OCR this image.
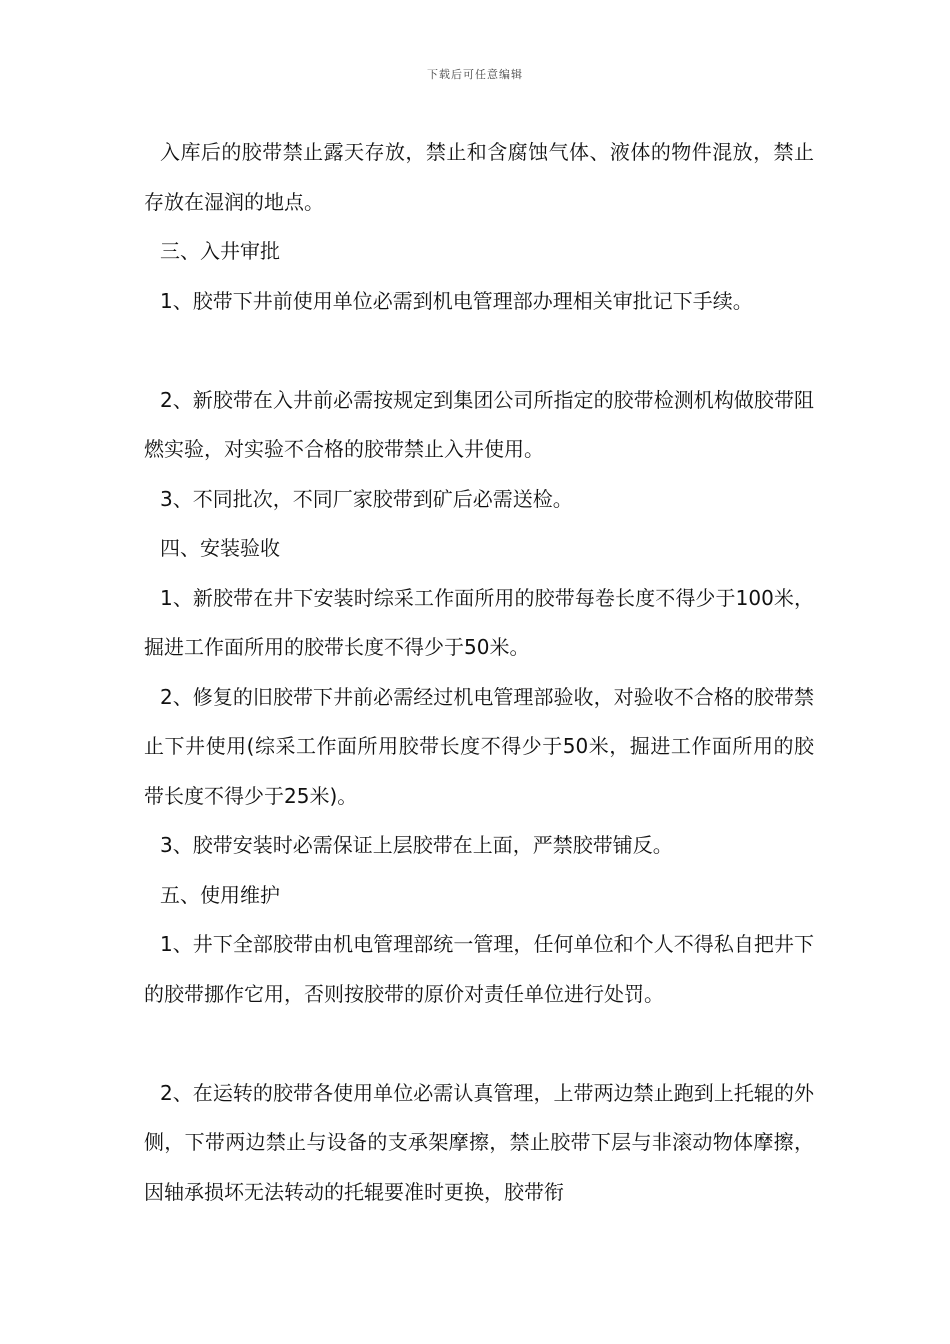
下载后可任意编辑

入库后的胶带禁止露天存放，禁止和含腐蚀气体、液体的物件混放，禁止存放在湿润的地点。

三、入井审批

1、胶带下井前使用单位必需到机电管理部办理相关审批记下手续。

2、新胶带在入井前必需按规定到集团公司所指定的胶带检测机构做胶带阻燃实验，对实验不合格的胶带禁止入井使用。

3、不同批次，不同厂家胶带到矿后必需送检。

四、安装验收

1、新胶带在井下安装时综采工作面所用的胶带每卷长度不得少于100米，掘进工作面所用的胶带长度不得少于50米。

2、修复的旧胶带下井前必需经过机电管理部验收，对验收不合格的胶带禁止下井使用(综采工作面所用胶带长度不得少于50米，掘进工作面所用的胶带长度不得少于25米)。

3、胶带安装时必需保证上层胶带在上面，严禁胶带铺反。

五、使用维护

1、井下全部胶带由机电管理部统一管理，任何单位和个人不得私自把井下的胶带挪作它用，否则按胶带的原价对责任单位进行处罚。

2、在运转的胶带各使用单位必需认真管理，上带两边禁止跑到上托辊的外侧，下带两边禁止与设备的支承架摩擦，禁止胶带下层与非滚动物体摩擦，因轴承损坏无法转动的托辊要准时更换，胶带衔
